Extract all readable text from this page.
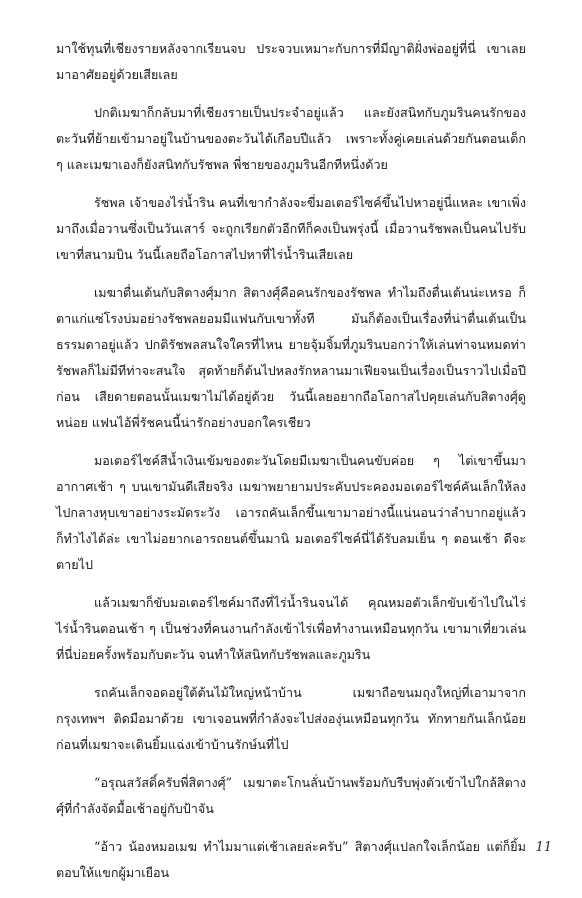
มาใช้ทุนที่เชียงรายหลังจากเรียนจบ ประจวบเหมาะกับการที่มีญาติฝั่งพ่ออยู่ที่นี่ เขาเลยมาอาศัยอยู่ด้วยเสียเลย

ปกติเมฆาก็กลับมาที่เชียงรายเป็นประจำอยู่แล้ว และยังสนิทกับภูมรินคนรักของตะวันที่ย้ายเข้ามาอยู่ในบ้านของตะวันได้เกือบปีแล้ว เพราะทั้งคู่เคยเล่นด้วยกันตอนเด็ก ๆ และเมฆาเองก็ยังสนิทกับรัชพล พี่ชายของภูมรินอีกทีหนึ่งด้วย

รัชพล เจ้าของไร่น้ำริน คนที่เขากำลังจะขี่มอเตอร์ไซค์ขึ้นไปหาอยู่นี่แหละ เขาเพิ่งมาถึงเมื่อวานซึ่งเป็นวันเสาร์ จะถูกเรียกตัวอีกทีก็คงเป็นพรุ่งนี้ เมื่อวานรัชพลเป็นคนไปรับเขาที่สนามบิน วันนี้เลยถือโอกาสไปหาที่ไร่น้ำรินเสียเลย

เมฆาตื่นเต้นกับสิตางศุ์มาก สิตางศุ์คือคนรักของรัชพล ทำไมถึงตื่นเต้นน่ะเหรอ ก็ตาแก่แซ่โรงบ่มอย่างรัชพลยอมมีแฟนกับเขาทั้งที มันก็ต้องเป็นเรื่องที่น่าตื่นเต้นเป็นธรรมดาอยู่แล้ว ปกติรัชพลสนใจใครที่ไหน ยายจุ้มจิ้มที่ภูมรินบอกว่าให้เล่นท่าจนหมดท่า รัชพลก็ไม่มีทีท่าจะสนใจ สุดท้ายก็ต้นไปหลงรักหลานมาเฟียจนเป็นเรื่องเป็นราวไปเมื่อปีก่อน เสียดายตอนนั้นเมฆาไม่ได้อยู่ด้วย วันนี้เลยอยากถือโอกาสไปคุยเล่นกับสิตางศุ์ดูหน่อย แฟนไอ้พี่รัชคนนี้น่ารักอย่างบอกใครเชียว

มอเตอร์ไซค์สีน้ำเงินเข้มของตะวันโดยมีเมฆาเป็นคนขับค่อย ๆ ไต่เขาขึ้นมา อากาศเช้า ๆ บนเขามันดีเสียจริง เมฆาพยายามประคับประคองมอเตอร์ไซค์คันเล็กให้ลงไปกลางหุบเขาอย่างระมัดระวัง เอารถคันเล็กขึ้นเขามาอย่างนี้แน่นอนว่าลำบากอยู่แล้ว ก็ทำไงได้ล่ะ เขาไม่อยากเอารถยนต์ขึ้นมานิ มอเตอร์ไซค์นี่ได้รับลมเย็น ๆ ตอนเช้า ดีจะตายไป

แล้วเมฆาก็ขับมอเตอร์ไซค์มาถึงที่ไร่น้ำรินจนได้ คุณหมอตัวเล็กขับเข้าไปในไร่ ไร่น้ำรินตอนเช้า ๆ เป็นช่วงที่คนงานกำลังเข้าไร่เพื่อทำงานเหมือนทุกวัน เขามาเที่ยวเล่นที่นี่บ่อยครั้งพร้อมกับตะวัน จนทำให้สนิทกับรัชพลและภูมริน

รถคันเล็กจอดอยู่ใต้ต้นไม้ใหญ่หน้าบ้าน เมฆาถือขนมถุงใหญ่ที่เอามาจากกรุงเทพฯ ติดมือมาด้วย เขาเจอนพที่กำลังจะไปส่งองุ่นเหมือนทุกวัน ทักทายกันเล็กน้อยก่อนที่เมฆาจะเดินยิ้มแฉ่งเข้าบ้านรักษ์นที่ไป

“อรุณสวัสดิ์ครับพี่สิตางศุ์” เมฆาตะโกนลั่นบ้านพร้อมกับรีบพุ่งตัวเข้าไปใกล้สิตางศุ์ที่กำลังจัดมื้อเช้าอยู่กับป้าจัน

“อ้าว น้องหมอเมฆ ทำไมมาแต่เช้าเลยล่ะครับ” สิตางศุ์แปลกใจเล็กน้อย แต่ก็ยิ้มตอบให้แขกผู้มาเยือน

11
